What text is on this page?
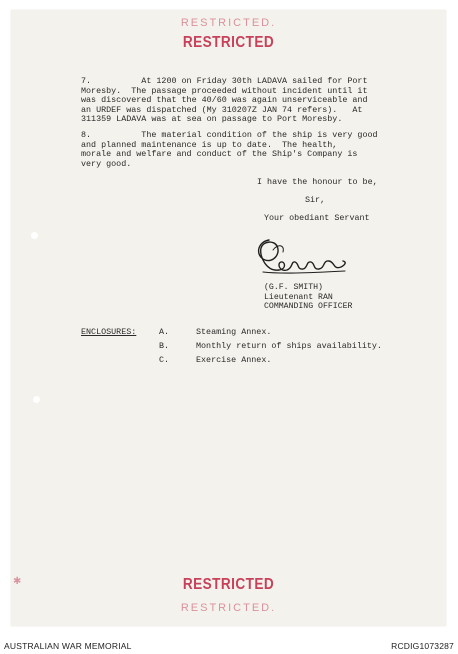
RESTRICTED.
RESTRICTED
7.          At 1200 on Friday 30th LADAVA sailed for Port
Moresby.  The passage proceeded without incident until it
was discovered that the 40/60 was again unserviceable and
an URDEF was dispatched (My 310207Z JAN 74 refers).   At
311359 LADAVA was at sea on passage to Port Moresby.
8.          The material condition of the ship is very good
and planned maintenance is up to date.  The health,
morale and welfare and conduct of the Ship's Company is
very good.
I have the honour to be,
Sir,
Your obediant Servant
(G.F. SMITH)
Lieutenant RAN
COMMANDING OFFICER
ENCLOSURES:	A.	Steaming Annex.
B.	Monthly return of ships availability.
C.	Exercise Annex.
✱	RESTRICTED
RESTRICTED.
AUSTRALIAN WAR MEMORIAL	RCDIG1073287
